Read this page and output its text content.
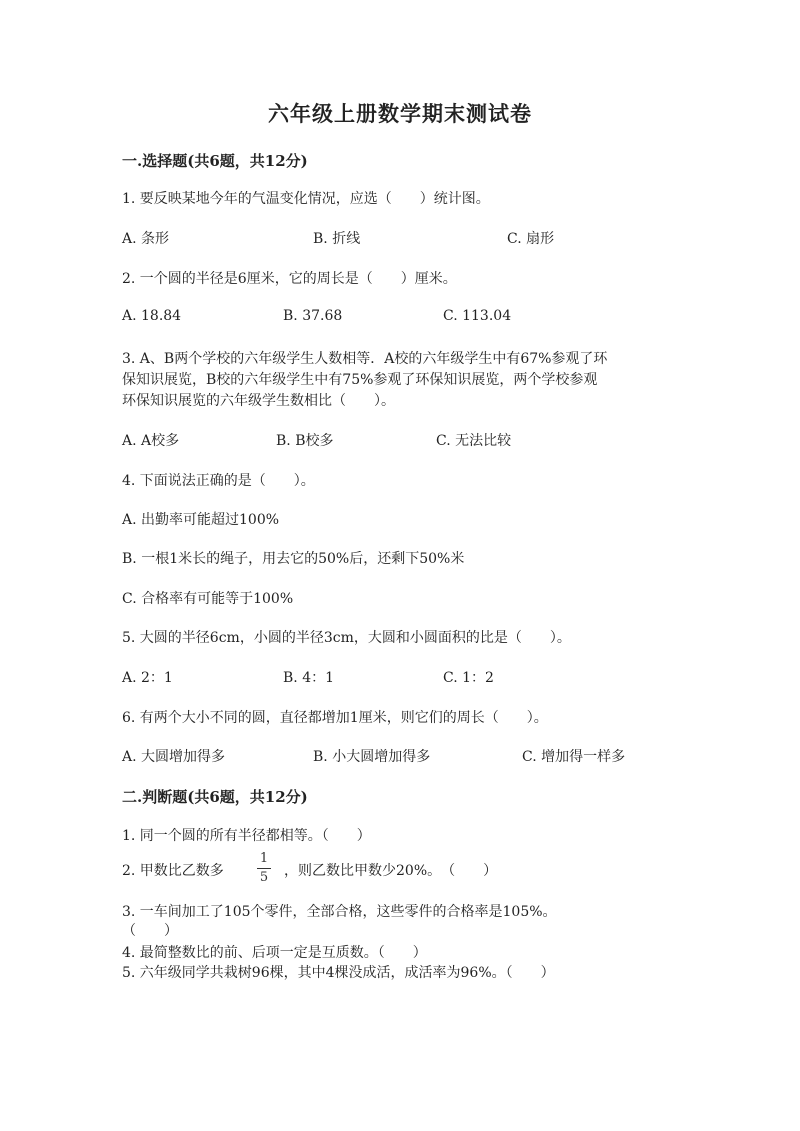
六年级上册数学期末测试卷
一.选择题(共6题，共12分)
1. 要反映某地今年的气温变化情况，应选（　　）统计图。
A. 条形	B. 折线	C. 扇形
2. 一个圆的半径是6厘米，它的周长是（　　）厘米。
A. 18.84	B. 37.68	C. 113.04
3. A、B两个学校的六年级学生人数相等．A校的六年级学生中有67%参观了环
保知识展览，B校的六年级学生中有75%参观了环保知识展览，两个学校参观
环保知识展览的六年级学生数相比（　　）。
A. A校多	B. B校多	C. 无法比较
4. 下面说法正确的是（　　）。
A. 出勤率可能超过100%
B. 一根1米长的绳子，用去它的50%后，还剩下50%米
C. 合格率有可能等于100%
5. 大圆的半径6cm，小圆的半径3cm，大圆和小圆面积的比是（　　）。
A. 2：1	B. 4：1	C. 1：2
6. 有两个大小不同的圆，直径都增加1厘米，则它们的周长（　　）。
A. 大圆增加得多	B. 小大圆增加得多	C. 增加得一样多
二.判断题(共6题，共12分)
1. 同一个圆的所有半径都相等。（　　）
2. 甲数比乙数多
1
5	，则乙数比甲数少20%。　（　　）
3. 一车间加工了105个零件，全部合格，这些零件的合格率是105%。
（　　）
4. 最简整数比的前、后项一定是互质数。（　　）
5. 六年级同学共栽树96棵，其中4棵没成活，成活率为96%。（　　）
